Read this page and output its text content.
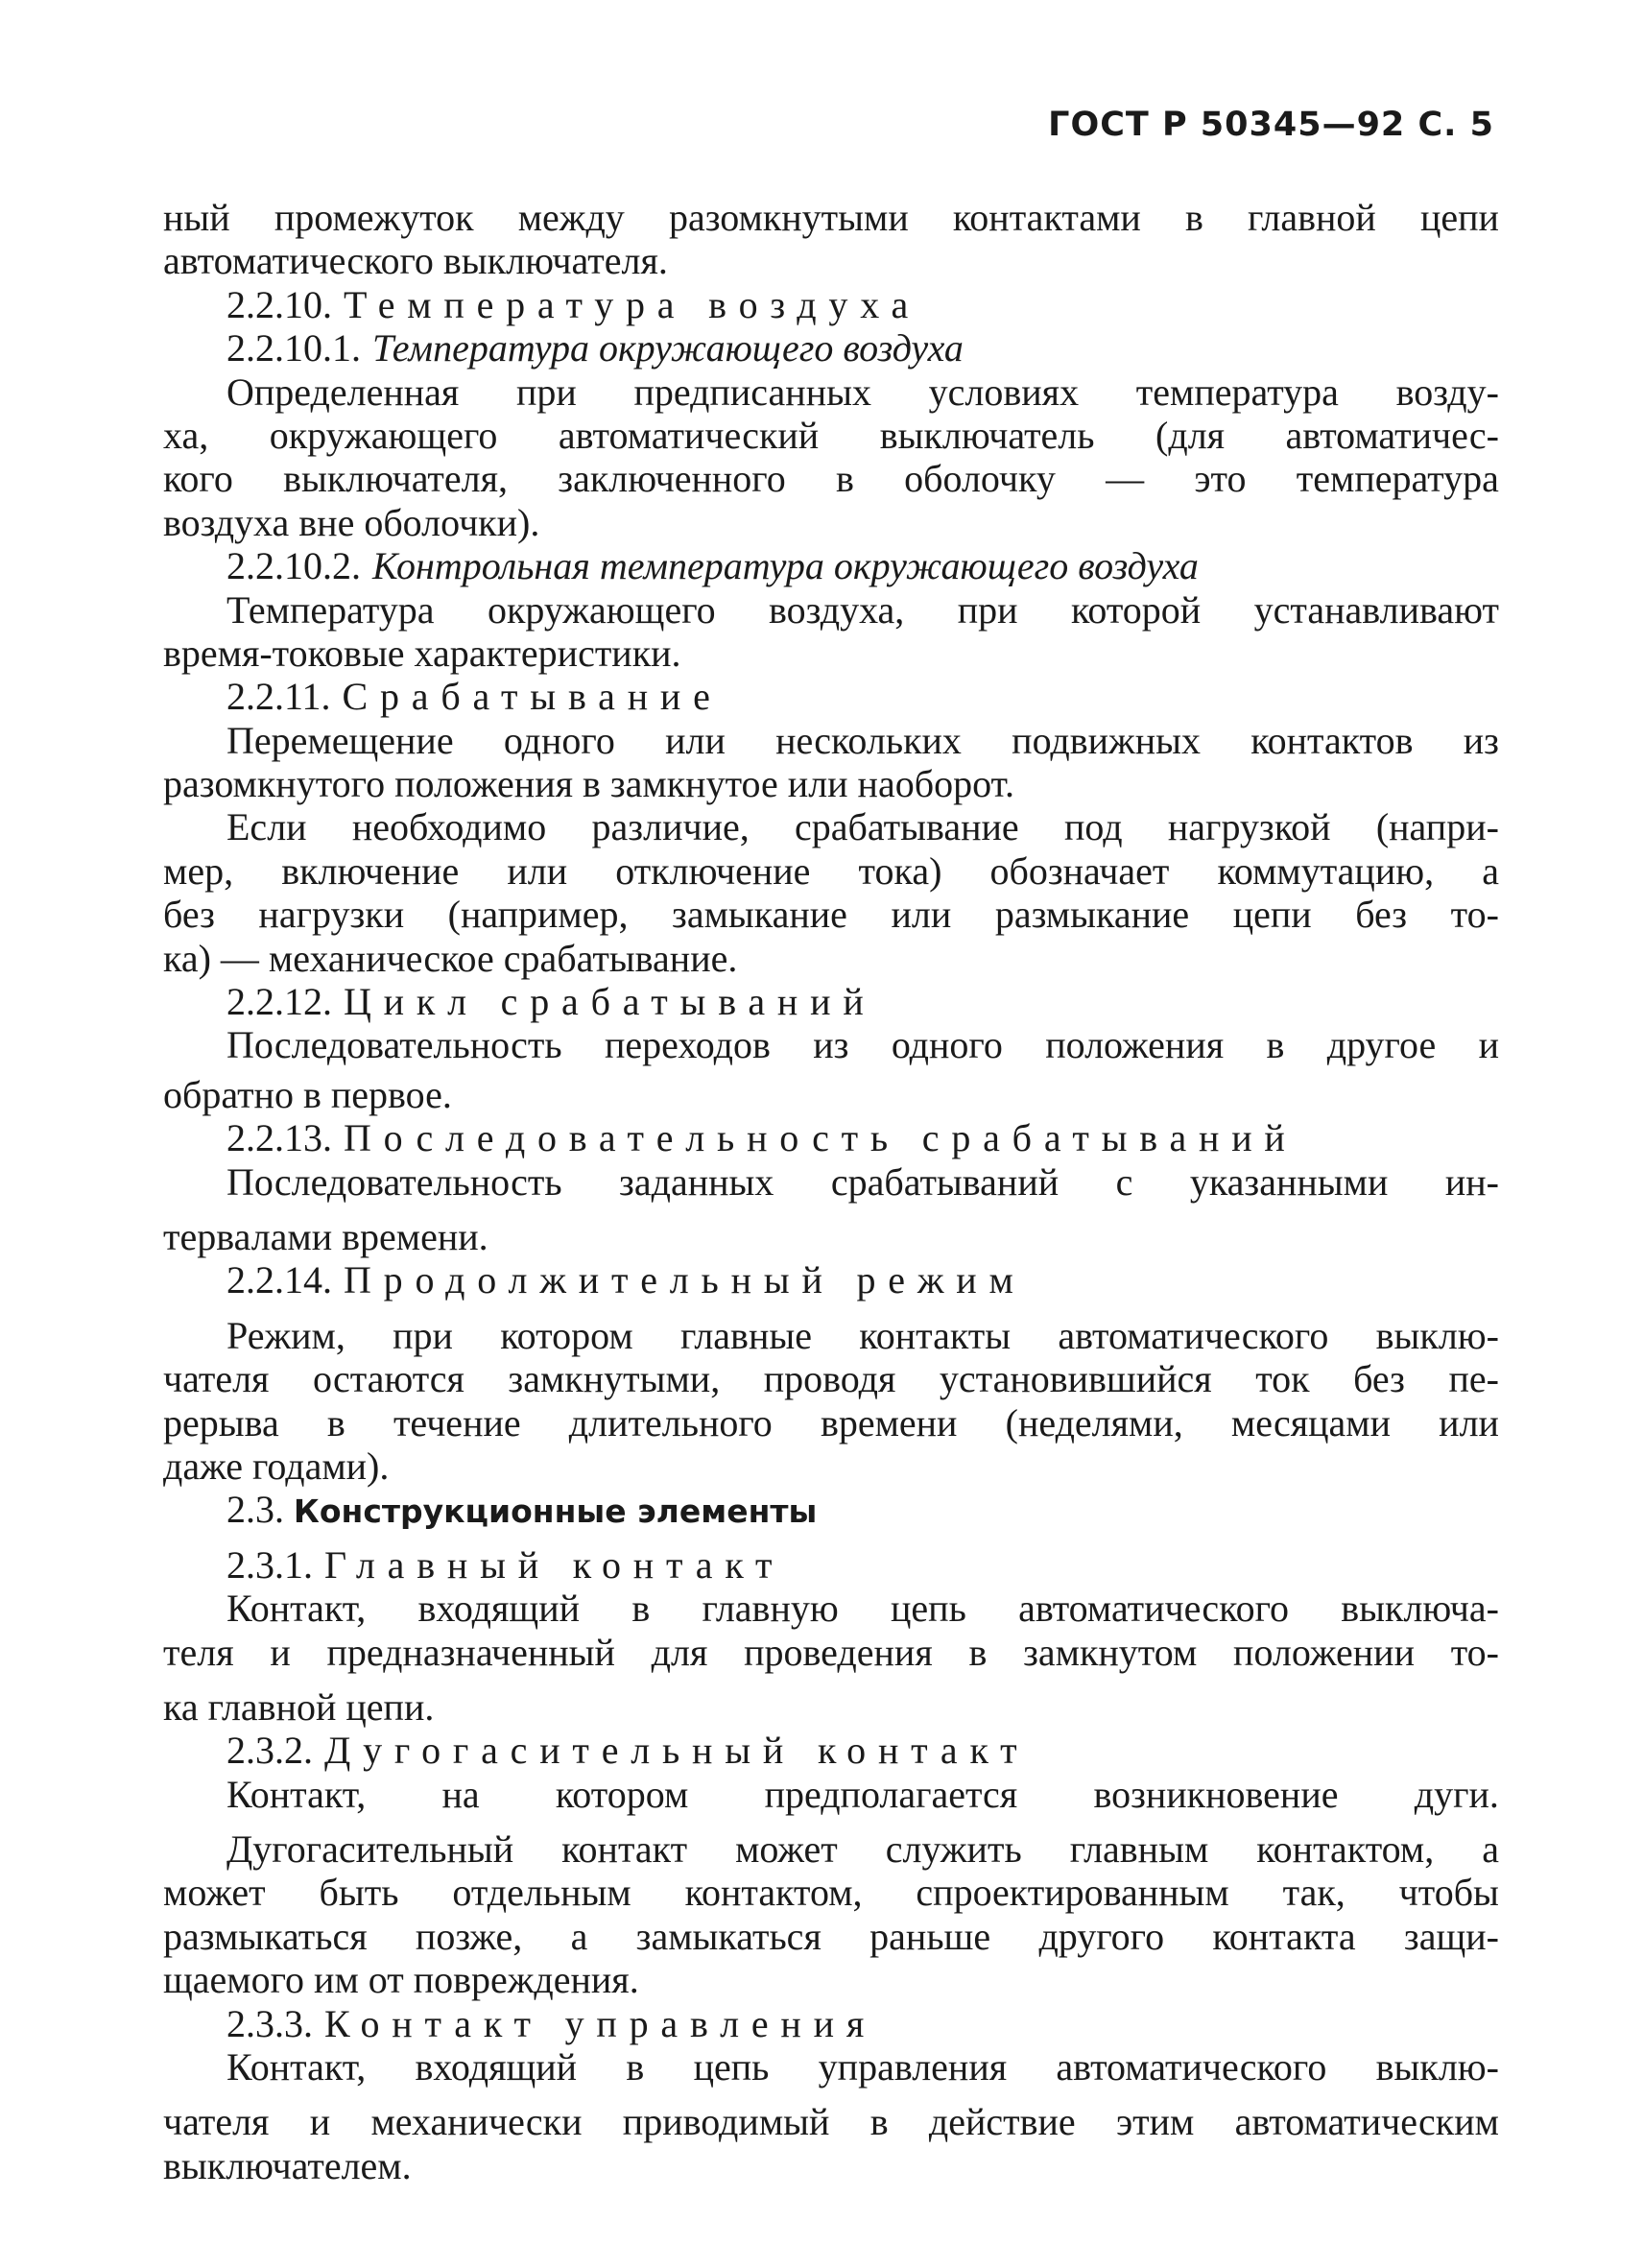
ГОСТ Р 50345—92 С. 5
ный промежуток между разомкнутыми контактами в главной цепи
автоматического выключателя.
2.2.10. Температура воздуха
2.2.10.1. Температура окружающего воздуха
Определенная при предписанных условиях температура возду-
ха, окружающего автоматический выключатель (для автоматичес-
кого выключателя, заключенного в оболочку — это температура
воздуха вне оболочки).
2.2.10.2. Контрольная температура окружающего воздуха
Температура окружающего воздуха, при которой устанавливают
время-токовые характеристики.
2.2.11. Срабатывание
Перемещение одного или нескольких подвижных контактов из
разомкнутого положения в замкнутое или наоборот.
Если необходимо различие, срабатывание под нагрузкой (напри-
мер, включение или отключение тока) обозначает коммутацию, а
без нагрузки (например, замыкание или размыкание цепи без то-
ка) — механическое срабатывание.
2.2.12. Цикл срабатываний
Последовательность переходов из одного положения в другое и
обратно в первое.
2.2.13. Последовательность срабатываний
Последовательность заданных срабатываний с указанными ин-
тервалами времени.
2.2.14. Продолжительный режим
Режим, при котором главные контакты автоматического выклю-
чателя остаются замкнутыми, проводя установившийся ток без пе-
рерыва в течение длительного времени (неделями, месяцами или
даже годами).
2.3. Конструкционные элементы
2.3.1. Главный контакт
Контакт, входящий в главную цепь автоматического выключа-
теля и предназначенный для проведения в замкнутом положении то-
ка главной цепи.
2.3.2. Дугогасительный контакт
Контакт, на котором предполагается возникновение дуги.
Дугогасительный контакт может служить главным контактом, а
может быть отдельным контактом, спроектированным так, чтобы
размыкаться позже, а замыкаться раньше другого контакта защи-
щаемого им от повреждения.
2.3.3. Контакт управления
Контакт, входящий в цепь управления автоматического выклю-
чателя и механически приводимый в действие этим автоматическим
выключателем.
